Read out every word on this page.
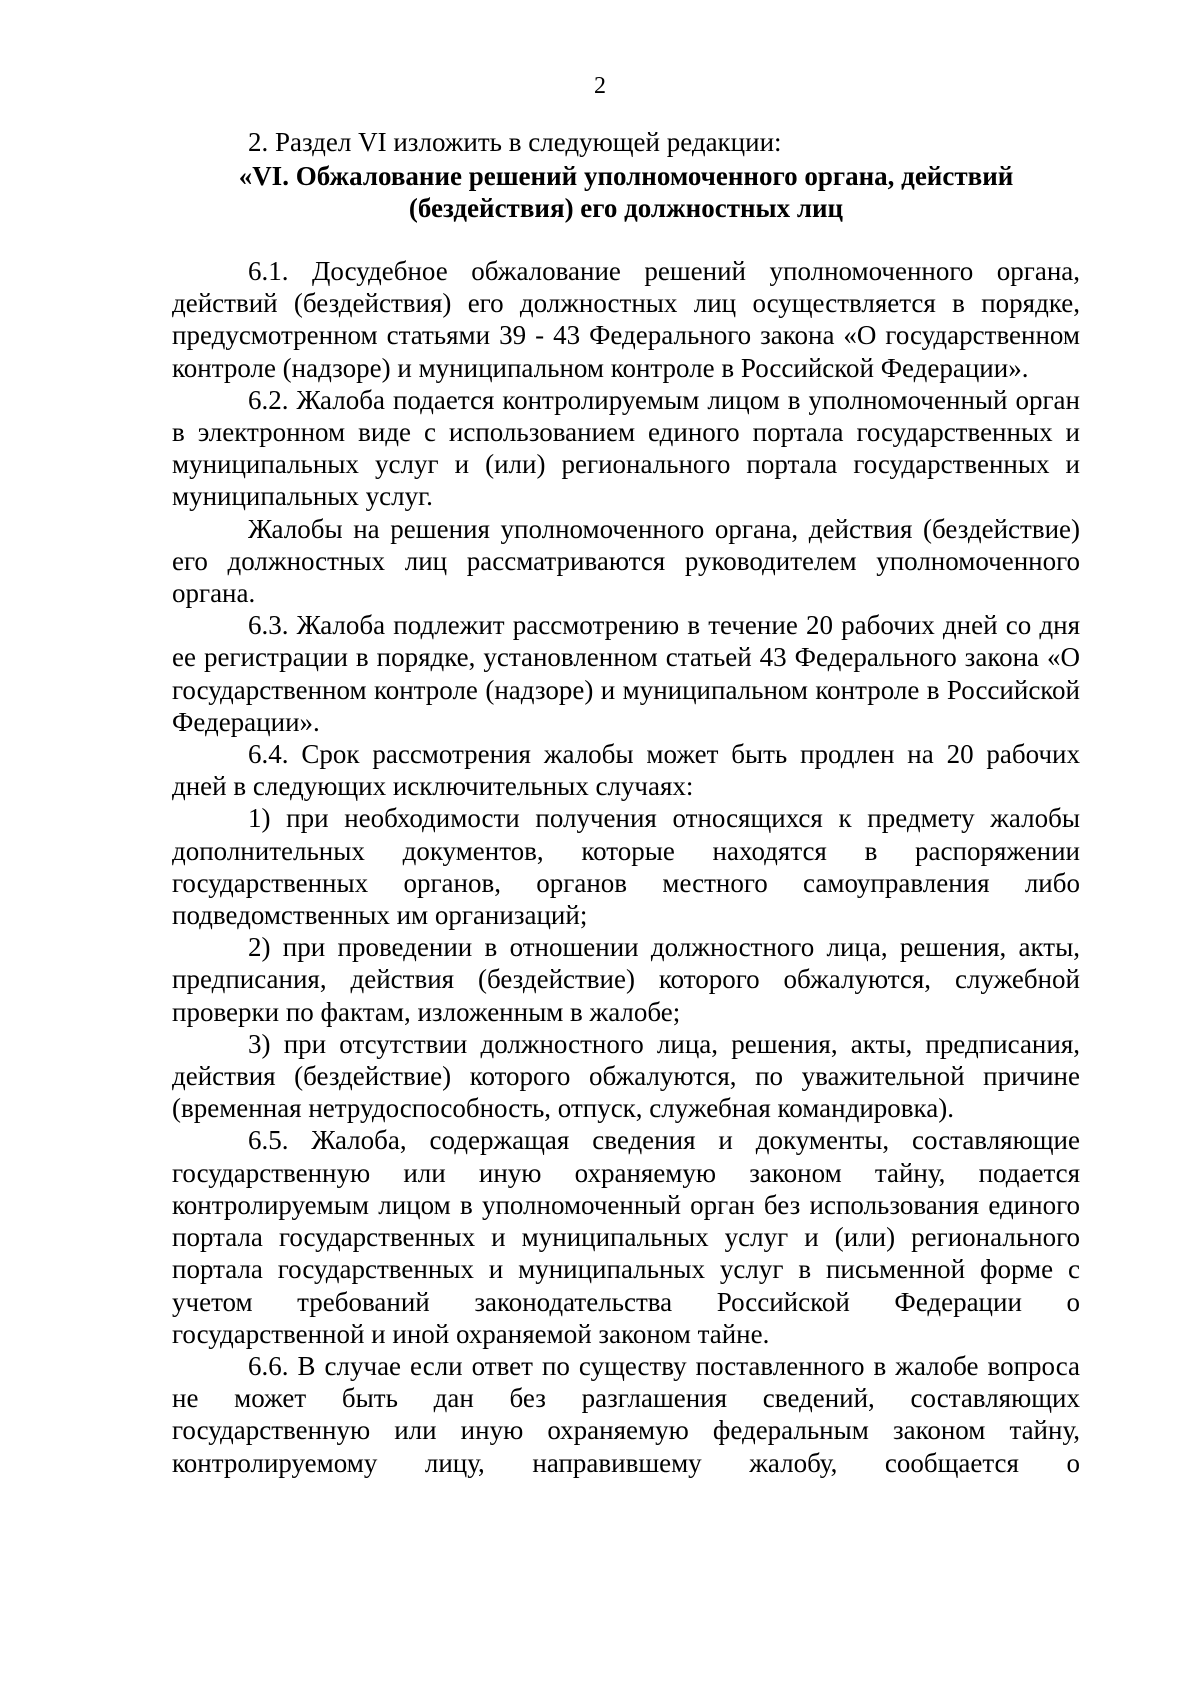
2
2. Раздел VI изложить в следующей редакции:
«VI. Обжалование решений уполномоченного органа, действий
(бездействия) его должностных лиц

6.1. Досудебное обжалование решений уполномоченного органа, действий (бездействия) его должностных лиц осуществляется в порядке, предусмотренном статьями 39 - 43 Федерального закона «О государственном контроле (надзоре) и муниципальном контроле в Российской Федерации».

6.2. Жалоба подается контролируемым лицом в уполномоченный орган в электронном виде с использованием единого портала государственных и муниципальных услуг и (или) регионального портала государственных и муниципальных услуг.

Жалобы на решения уполномоченного органа, действия (бездействие) его должностных лиц рассматриваются руководителем уполномоченного органа.

6.3. Жалоба подлежит рассмотрению в течение 20 рабочих дней со дня ее регистрации в порядке, установленном статьей 43 Федерального закона «О государственном контроле (надзоре) и муниципальном контроле в Российской Федерации».

6.4. Срок рассмотрения жалобы может быть продлен на 20 рабочих дней в следующих исключительных случаях:

1) при необходимости получения относящихся к предмету жалобы дополнительных документов, которые находятся в распоряжении государственных органов, органов местного самоуправления либо подведомственных им организаций;

2) при проведении в отношении должностного лица, решения, акты, предписания, действия (бездействие) которого обжалуются, служебной проверки по фактам, изложенным в жалобе;

3) при отсутствии должностного лица, решения, акты, предписания, действия (бездействие) которого обжалуются, по уважительной причине (временная нетрудоспособность, отпуск, служебная командировка).

6.5. Жалоба, содержащая сведения и документы, составляющие государственную или иную охраняемую законом тайну, подается контролируемым лицом в уполномоченный орган без использования единого портала государственных и муниципальных услуг и (или) регионального портала государственных и муниципальных услуг в письменной форме с учетом требований законодательства Российской Федерации о государственной и иной охраняемой законом тайне.

6.6. В случае если ответ по существу поставленного в жалобе вопроса не может быть дан без разглашения сведений, составляющих государственную или иную охраняемую федеральным законом тайну, контролируемому лицу, направившему жалобу, сообщается о
